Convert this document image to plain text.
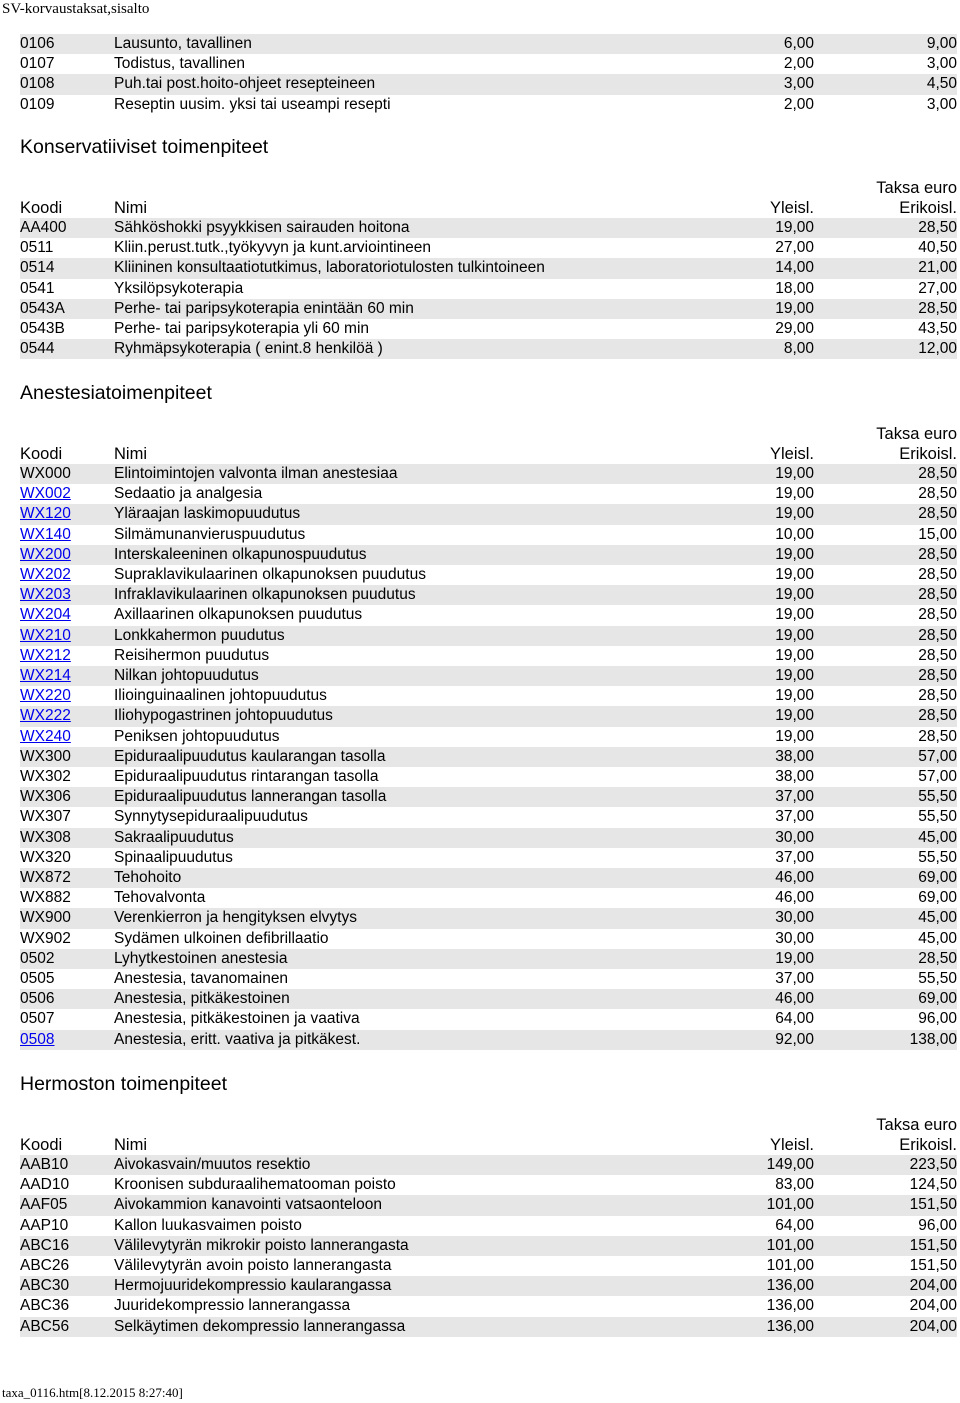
SV-korvaustaksat,sisalto
0106	Lausunto, tavallinen	6,00	9,00
0107	Todistus, tavallinen	2,00	3,00
0108	Puh.tai post.hoito-ohjeet resepteineen	3,00	4,50
0109	Reseptin uusim. yksi tai useampi resepti	2,00	3,00
Konservatiiviset toimenpiteet
Taksa euro
Koodi	Nimi	Yleisl.	Erikoisl.
AA400	Sähköshokki psyykkisen sairauden hoitona	19,00	28,50
0511	Kliin.perust.tutk.,työkyvyn ja kunt.arviointineen	27,00	40,50
0514	Kliininen konsultaatiotutkimus, laboratoriotulosten tulkintoineen	14,00	21,00
0541	Yksilöpsykoterapia	18,00	27,00
0543A	Perhe- tai paripsykoterapia enintään 60 min	19,00	28,50
0543B	Perhe- tai paripsykoterapia yli 60 min	29,00	43,50
0544	Ryhmäpsykoterapia ( enint.8 henkilöä )	8,00	12,00
Anestesiatoimenpiteet
Taksa euro
Koodi	Nimi	Yleisl.	Erikoisl.
WX000	Elintoimintojen valvonta ilman anestesiaa	19,00	28,50
WX002	Sedaatio ja analgesia	19,00	28,50
WX120	Yläraajan laskimopuudutus	19,00	28,50
WX140	Silmämunanvieruspuudutus	10,00	15,00
WX200	Interskaleeninen olkapunospuudutus	19,00	28,50
WX202	Supraklavikulaarinen olkapunoksen puudutus	19,00	28,50
WX203	Infraklavikulaarinen olkapunoksen puudutus	19,00	28,50
WX204	Axillaarinen olkapunoksen puudutus	19,00	28,50
WX210	Lonkkahermon puudutus	19,00	28,50
WX212	Reisihermon puudutus	19,00	28,50
WX214	Nilkan johtopuudutus	19,00	28,50
WX220	Ilioinguinaalinen johtopuudutus	19,00	28,50
WX222	Iliohypogastrinen johtopuudutus	19,00	28,50
WX240	Peniksen johtopuudutus	19,00	28,50
WX300	Epiduraalipuudutus kaularangan tasolla	38,00	57,00
WX302	Epiduraalipuudutus rintarangan tasolla	38,00	57,00
WX306	Epiduraalipuudutus lannerangan tasolla	37,00	55,50
WX307	Synnytysepiduraalipuudutus	37,00	55,50
WX308	Sakraalipuudutus	30,00	45,00
WX320	Spinaalipuudutus	37,00	55,50
WX872	Tehohoito	46,00	69,00
WX882	Tehovalvonta	46,00	69,00
WX900	Verenkierron ja hengityksen elvytys	30,00	45,00
WX902	Sydämen ulkoinen defibrillaatio	30,00	45,00
0502	Lyhytkestoinen anestesia	19,00	28,50
0505	Anestesia, tavanomainen	37,00	55,50
0506	Anestesia, pitkäkestoinen	46,00	69,00
0507	Anestesia, pitkäkestoinen ja vaativa	64,00	96,00
0508	Anestesia, eritt. vaativa ja pitkäkest.	92,00	138,00
Hermoston toimenpiteet
Taksa euro
Koodi	Nimi	Yleisl.	Erikoisl.
AAB10	Aivokasvain/muutos resektio	149,00	223,50
AAD10	Kroonisen subduraalihematooman poisto	83,00	124,50
AAF05	Aivokammion kanavointi vatsaonteloon	101,00	151,50
AAP10	Kallon luukasvaimen poisto	64,00	96,00
ABC16	Välilevytyrän mikrokir poisto lannerangasta	101,00	151,50
ABC26	Välilevytyrän avoin poisto lannerangasta	101,00	151,50
ABC30	Hermojuuridekompressio kaularangassa	136,00	204,00
ABC36	Juuridekompressio lannerangassa	136,00	204,00
ABC56	Selkäytimen dekompressio lannerangassa	136,00	204,00
taxa_0116.htm[8.12.2015 8:27:40]
